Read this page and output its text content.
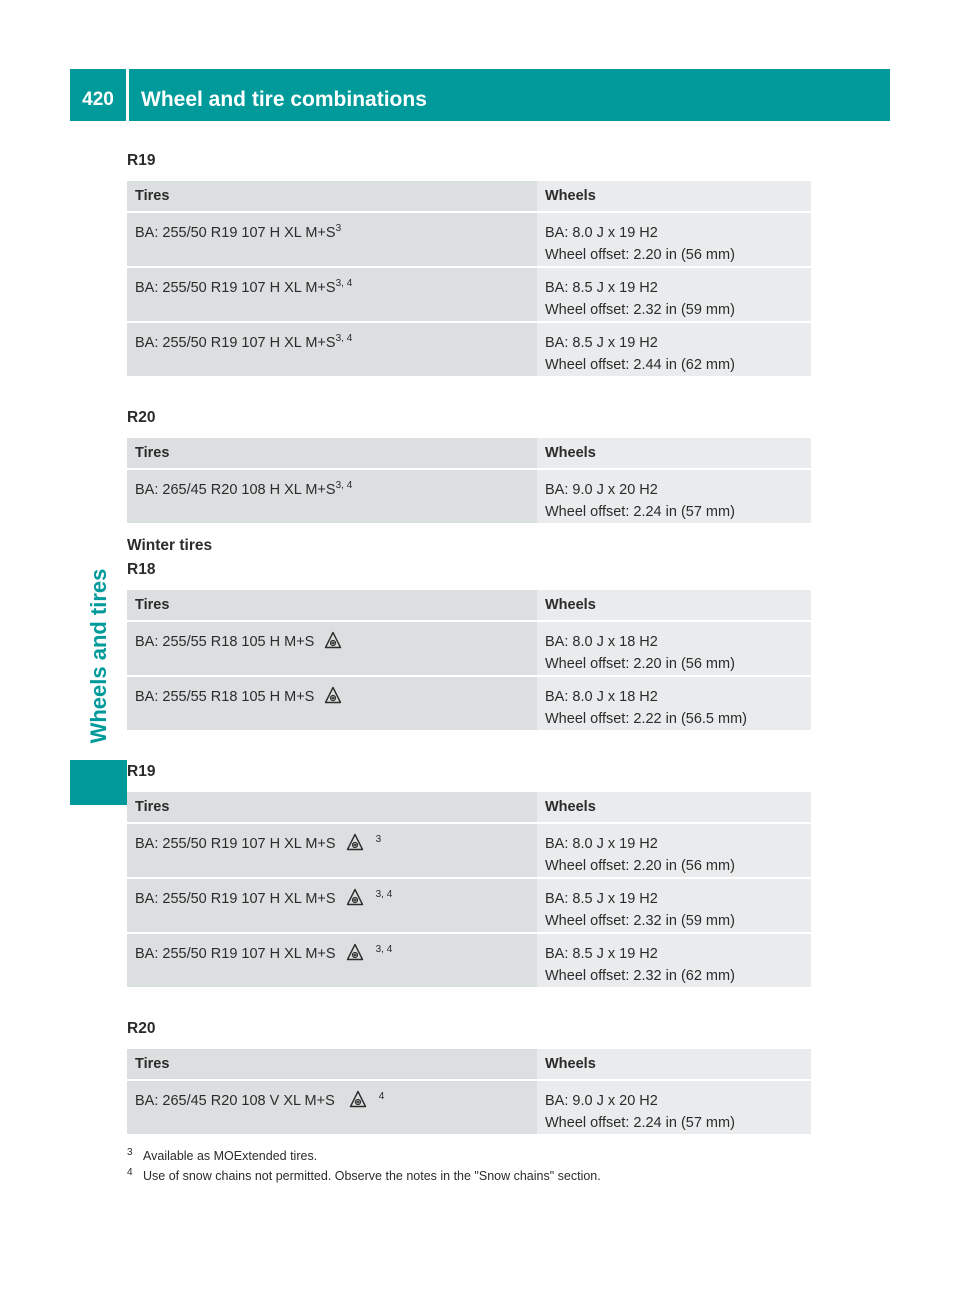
420	Wheel and tire combinations
Wheels and tires
R19
Tires	Wheels
BA: 255/50 R19 107 H XL $M+S^3$	BA: 8.0 J x 19 H2
Wheel offset: 2.20 in (56 mm)

BA: 255/50 R19 107 H XL $M+S^{3, 4}$	BA: 8.5 J x 19 H2
Wheel offset: 2.32 in (59 mm)

BA: 255/50 R19 107 H XL $M+S^{3, 4}$	BA: 8.5 J x 19 H2
Wheel offset: 2.44 in (62 mm)
R20
Tires	Wheels
BA: 265/45 R20 108 H XL $M+S^{3, 4}$	BA: 9.0 J x 20 H2
Wheel offset: 2.24 in (57 mm)
Winter tires
R18
Tires	Wheels
BA: 255/55 R18 105 H M+S	BA: 8.0 J x 18 H2
Wheel offset: 2.20 in (56 mm)

BA: 255/55 R18 105 H M+S	BA: 8.0 J x 18 H2
Wheel offset: 2.22 in (56.5 mm)
R19
Tires	Wheels
BA: 255/50 R19 107 H XL M+S $^3$	BA: 8.0 J x 19 H2
Wheel offset: 2.20 in (56 mm)

BA: 255/50 R19 107 H XL M+S $^{3, 4}$	BA: 8.5 J x 19 H2
Wheel offset: 2.32 in (59 mm)

BA: 255/50 R19 107 H XL M+S $^{3, 4}$	BA: 8.5 J x 19 H2
Wheel offset: 2.32 in (62 mm)
R20
Tires	Wheels
BA: 265/45 R20 108 V XL M+S $^4$	BA: 9.0 J x 20 H2
Wheel offset: 2.24 in (57 mm)
3 Available as MOExtended tires.
4 Use of snow chains not permitted. Observe the notes in the "Snow chains" section.
